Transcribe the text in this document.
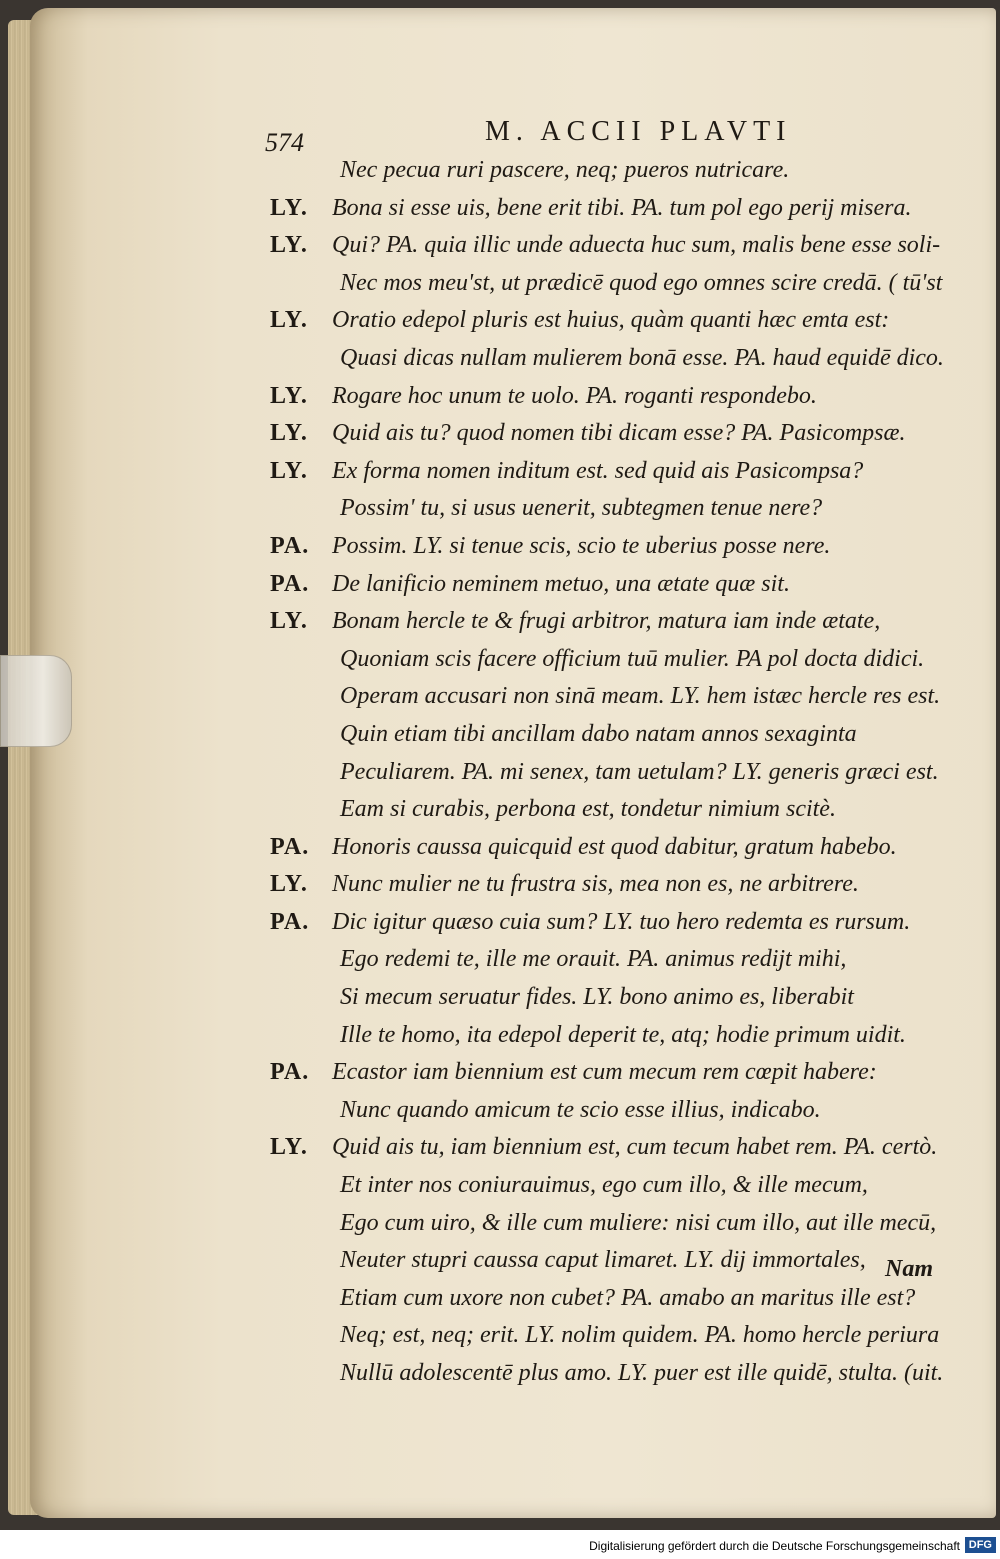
574	M. ACCII PLAVTI
Nec pecua ruri pascere, neq; pueros nutricare.
LY. Bona si esse uis, bene erit tibi. PA. tum pol ego perij misera.
LY. Qui? PA. quia illic unde aduecta huc sum, malis bene esse soli-
Nec mos meu'st, ut prædicē quod ego omnes scire credā. ( tū'st
LY. Oratio edepol pluris est huius, quàm quanti hæc emta est:
Quasi dicas nullam mulierem bonā esse. PA. haud equidē dico.
LY. Rogare hoc unum te uolo. PA. roganti respondebo.
LY. Quid ais tu? quod nomen tibi dicam esse? PA. Pasicompsæ.
LY. Ex forma nomen inditum est. sed quid ais Pasicompsa?
Possim' tu, si usus uenerit, subtegmen tenue nere?
PA. Possim. LY. si tenue scis, scio te uberius posse nere.
PA. De lanificio neminem metuo, una ætate quæ sit.
LY. Bonam hercle te & frugi arbitror, matura iam inde ætate,
Quoniam scis facere officium tuū mulier. PA pol docta didici.
Operam accusari non sinā meam. LY. hem istæc hercle res est.
Quin etiam tibi ancillam dabo natam annos sexaginta
Peculiarem. PA. mi senex, tam uetulam? LY. generis græci est.
Eam si curabis, perbona est, tondetur nimium scitè.
PA. Honoris caussa quicquid est quod dabitur, gratum habebo.
LY. Nunc mulier ne tu frustra sis, mea non es, ne arbitrere.
PA. Dic igitur quæso cuia sum? LY. tuo hero redemta es rursum.
Ego redemi te, ille me orauit. PA. animus redijt mihi,
Si mecum seruatur fides. LY. bono animo es, liberabit
Ille te homo, ita edepol deperit te, atq; hodie primum uidit.
PA. Ecastor iam biennium est cum mecum rem cœpit habere:
Nunc quando amicum te scio esse illius, indicabo.
LY. Quid ais tu, iam biennium est, cum tecum habet rem. PA. certò.
Et inter nos coniurauimus, ego cum illo, & ille mecum,
Ego cum uiro, & ille cum muliere: nisi cum illo, aut ille mecū,
Neuter stupri caussa caput limaret. LY. dij immortales,
Etiam cum uxore non cubet? PA. amabo an maritus ille est?
Neq; est, neq; erit. LY. nolim quidem. PA. homo hercle periura
Nullū adolescentē plus amo. LY. puer est ille quidē, stulta. (uit.
Nam
Digitalisierung gefördert durch die Deutsche Forschungsgemeinschaft DFG
